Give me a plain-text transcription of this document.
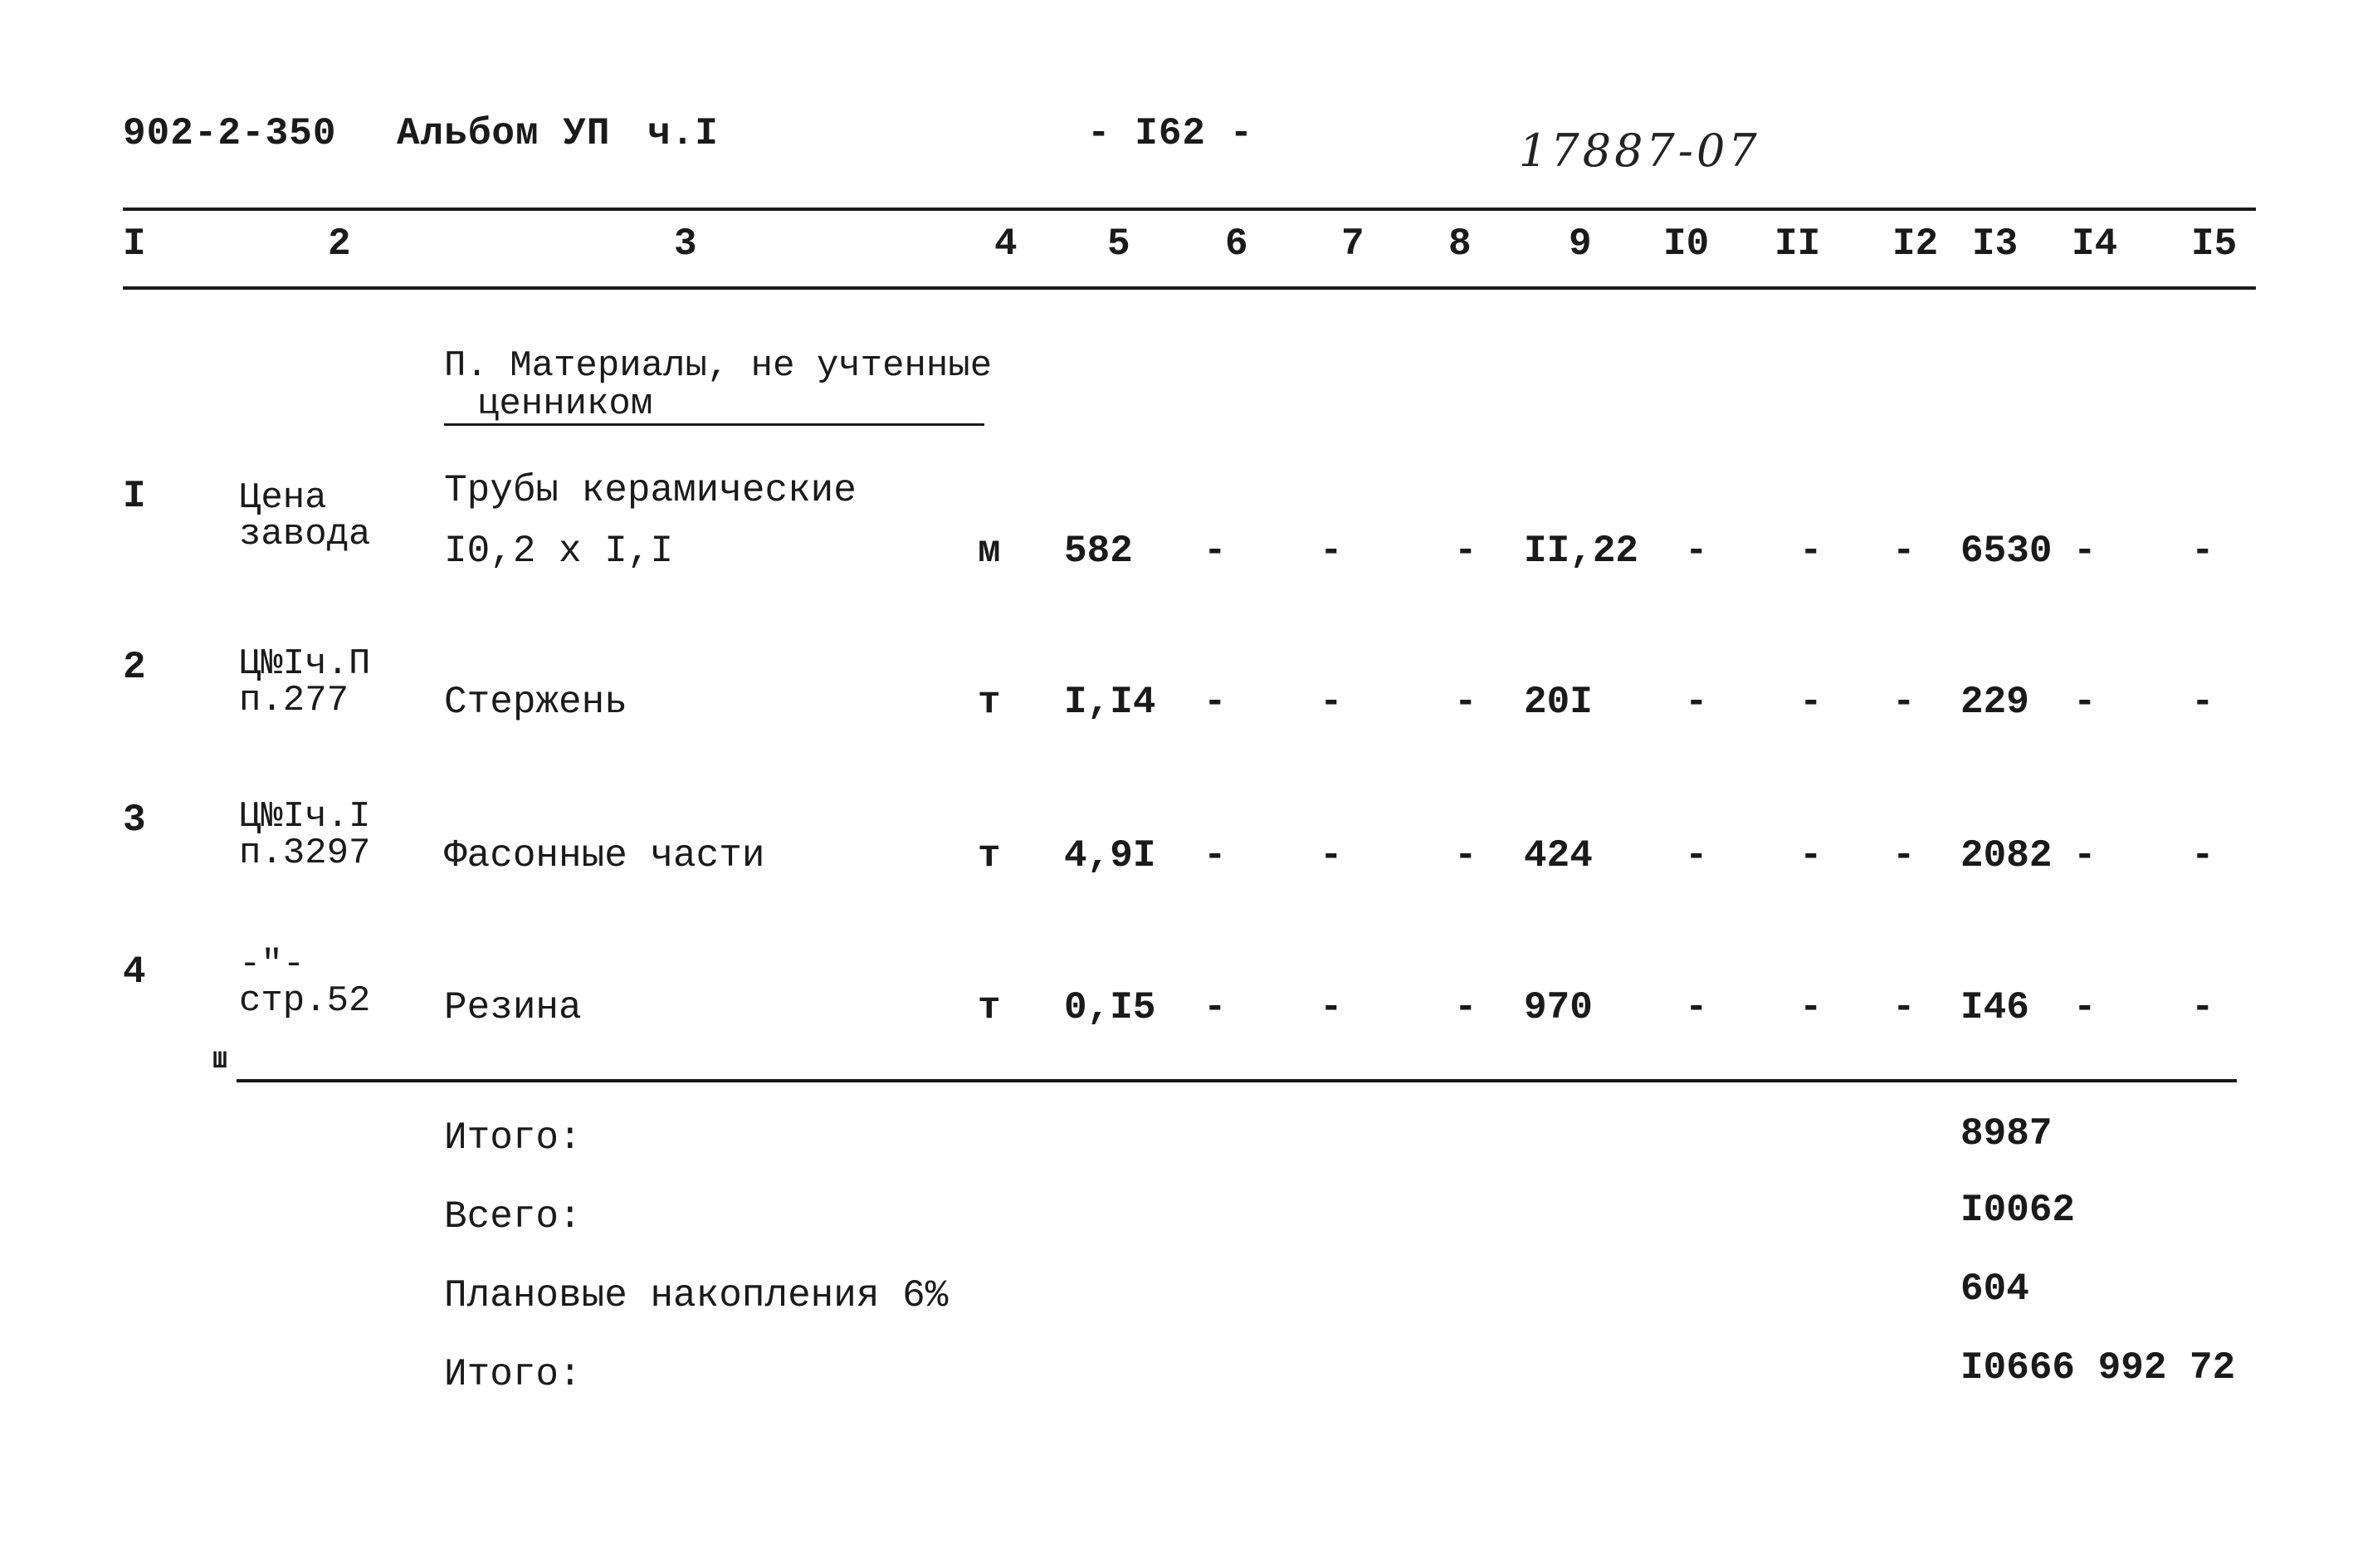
902-2-350 Альбом УП ч.I	- I62 -	17887-07
I	2	3	4 5 6 7 8	9 I0 II I2 I3 I4 I5
П. Материалы, не учтенные
ценником
I	Цена
завода
Трубы керамические
I0,2 x I,I	м 582 - -	- II,22 - - - 6530 - -
2	Ц№Iч.П
п.277	Стержень	т I,I4 - -	- 20I - - - 229 - -
3	Ц№Iч.I
п.3297 Фасонные части	т 4,9I - -	- 424 - - - 2082 - -
4	-"-
стр.52 Резина	т 0,I5 - -	- 970 - - - I46 - -
Ш
Итого:	8987
Всего:	I0062
Плановые накопления 6%	604
Итого:	I0666 992 72
